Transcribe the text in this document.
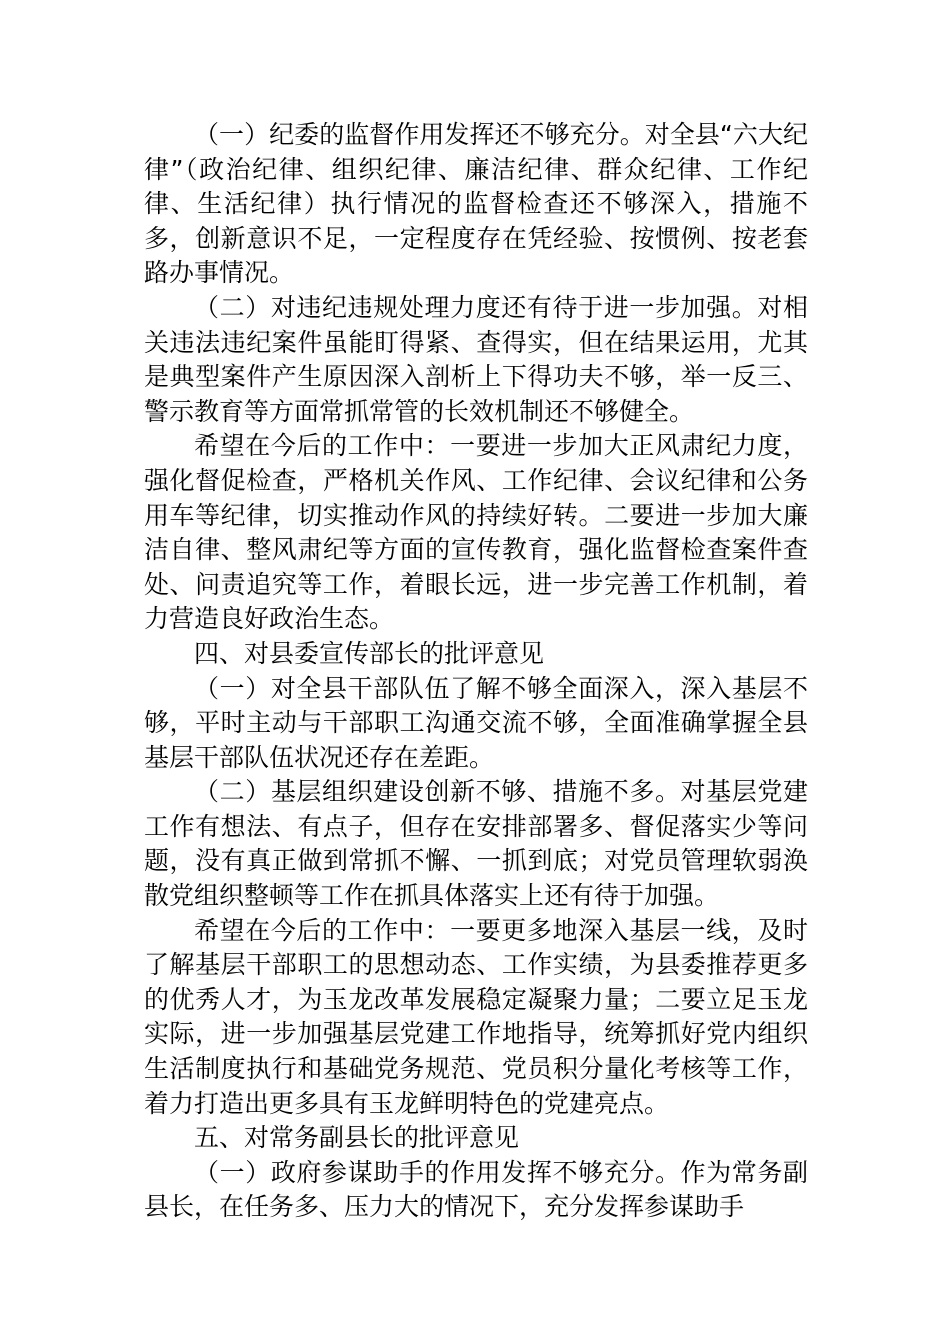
（一）纪委的监督作用发挥还不够充分。对全县“六大纪律”（政治纪律、组织纪律、廉洁纪律、群众纪律、工作纪律、生活纪律）执行情况的监督检查还不够深入，措施不多，创新意识不足，一定程度存在凭经验、按惯例、按老套路办事情况。

（二）对违纪违规处理力度还有待于进一步加强。对相关违法违纪案件虽能盯得紧、查得实，但在结果运用，尤其是典型案件产生原因深入剖析上下得功夫不够，举一反三、警示教育等方面常抓常管的长效机制还不够健全。

希望在今后的工作中：一要进一步加大正风肃纪力度，强化督促检查，严格机关作风、工作纪律、会议纪律和公务用车等纪律，切实推动作风的持续好转。二要进一步加大廉洁自律、整风肃纪等方面的宣传教育，强化监督检查案件查处、问责追究等工作，着眼长远，进一步完善工作机制，着力营造良好政治生态。

四、对县委宣传部长的批评意见

（一）对全县干部队伍了解不够全面深入，深入基层不够，平时主动与干部职工沟通交流不够，全面准确掌握全县基层干部队伍状况还存在差距。

（二）基层组织建设创新不够、措施不多。对基层党建工作有想法、有点子，但存在安排部署多、督促落实少等问题，没有真正做到常抓不懈、一抓到底；对党员管理软弱涣散党组织整顿等工作在抓具体落实上还有待于加强。

希望在今后的工作中：一要更多地深入基层一线，及时了解基层干部职工的思想动态、工作实绩，为县委推荐更多的优秀人才，为玉龙改革发展稳定凝聚力量；二要立足玉龙实际，进一步加强基层党建工作地指导，统筹抓好党内组织生活制度执行和基础党务规范、党员积分量化考核等工作，着力打造出更多具有玉龙鲜明特色的党建亮点。

五、对常务副县长的批评意见

（一）政府参谋助手的作用发挥不够充分。作为常务副县长，在任务多、压力大的情况下，充分发挥参谋助手
